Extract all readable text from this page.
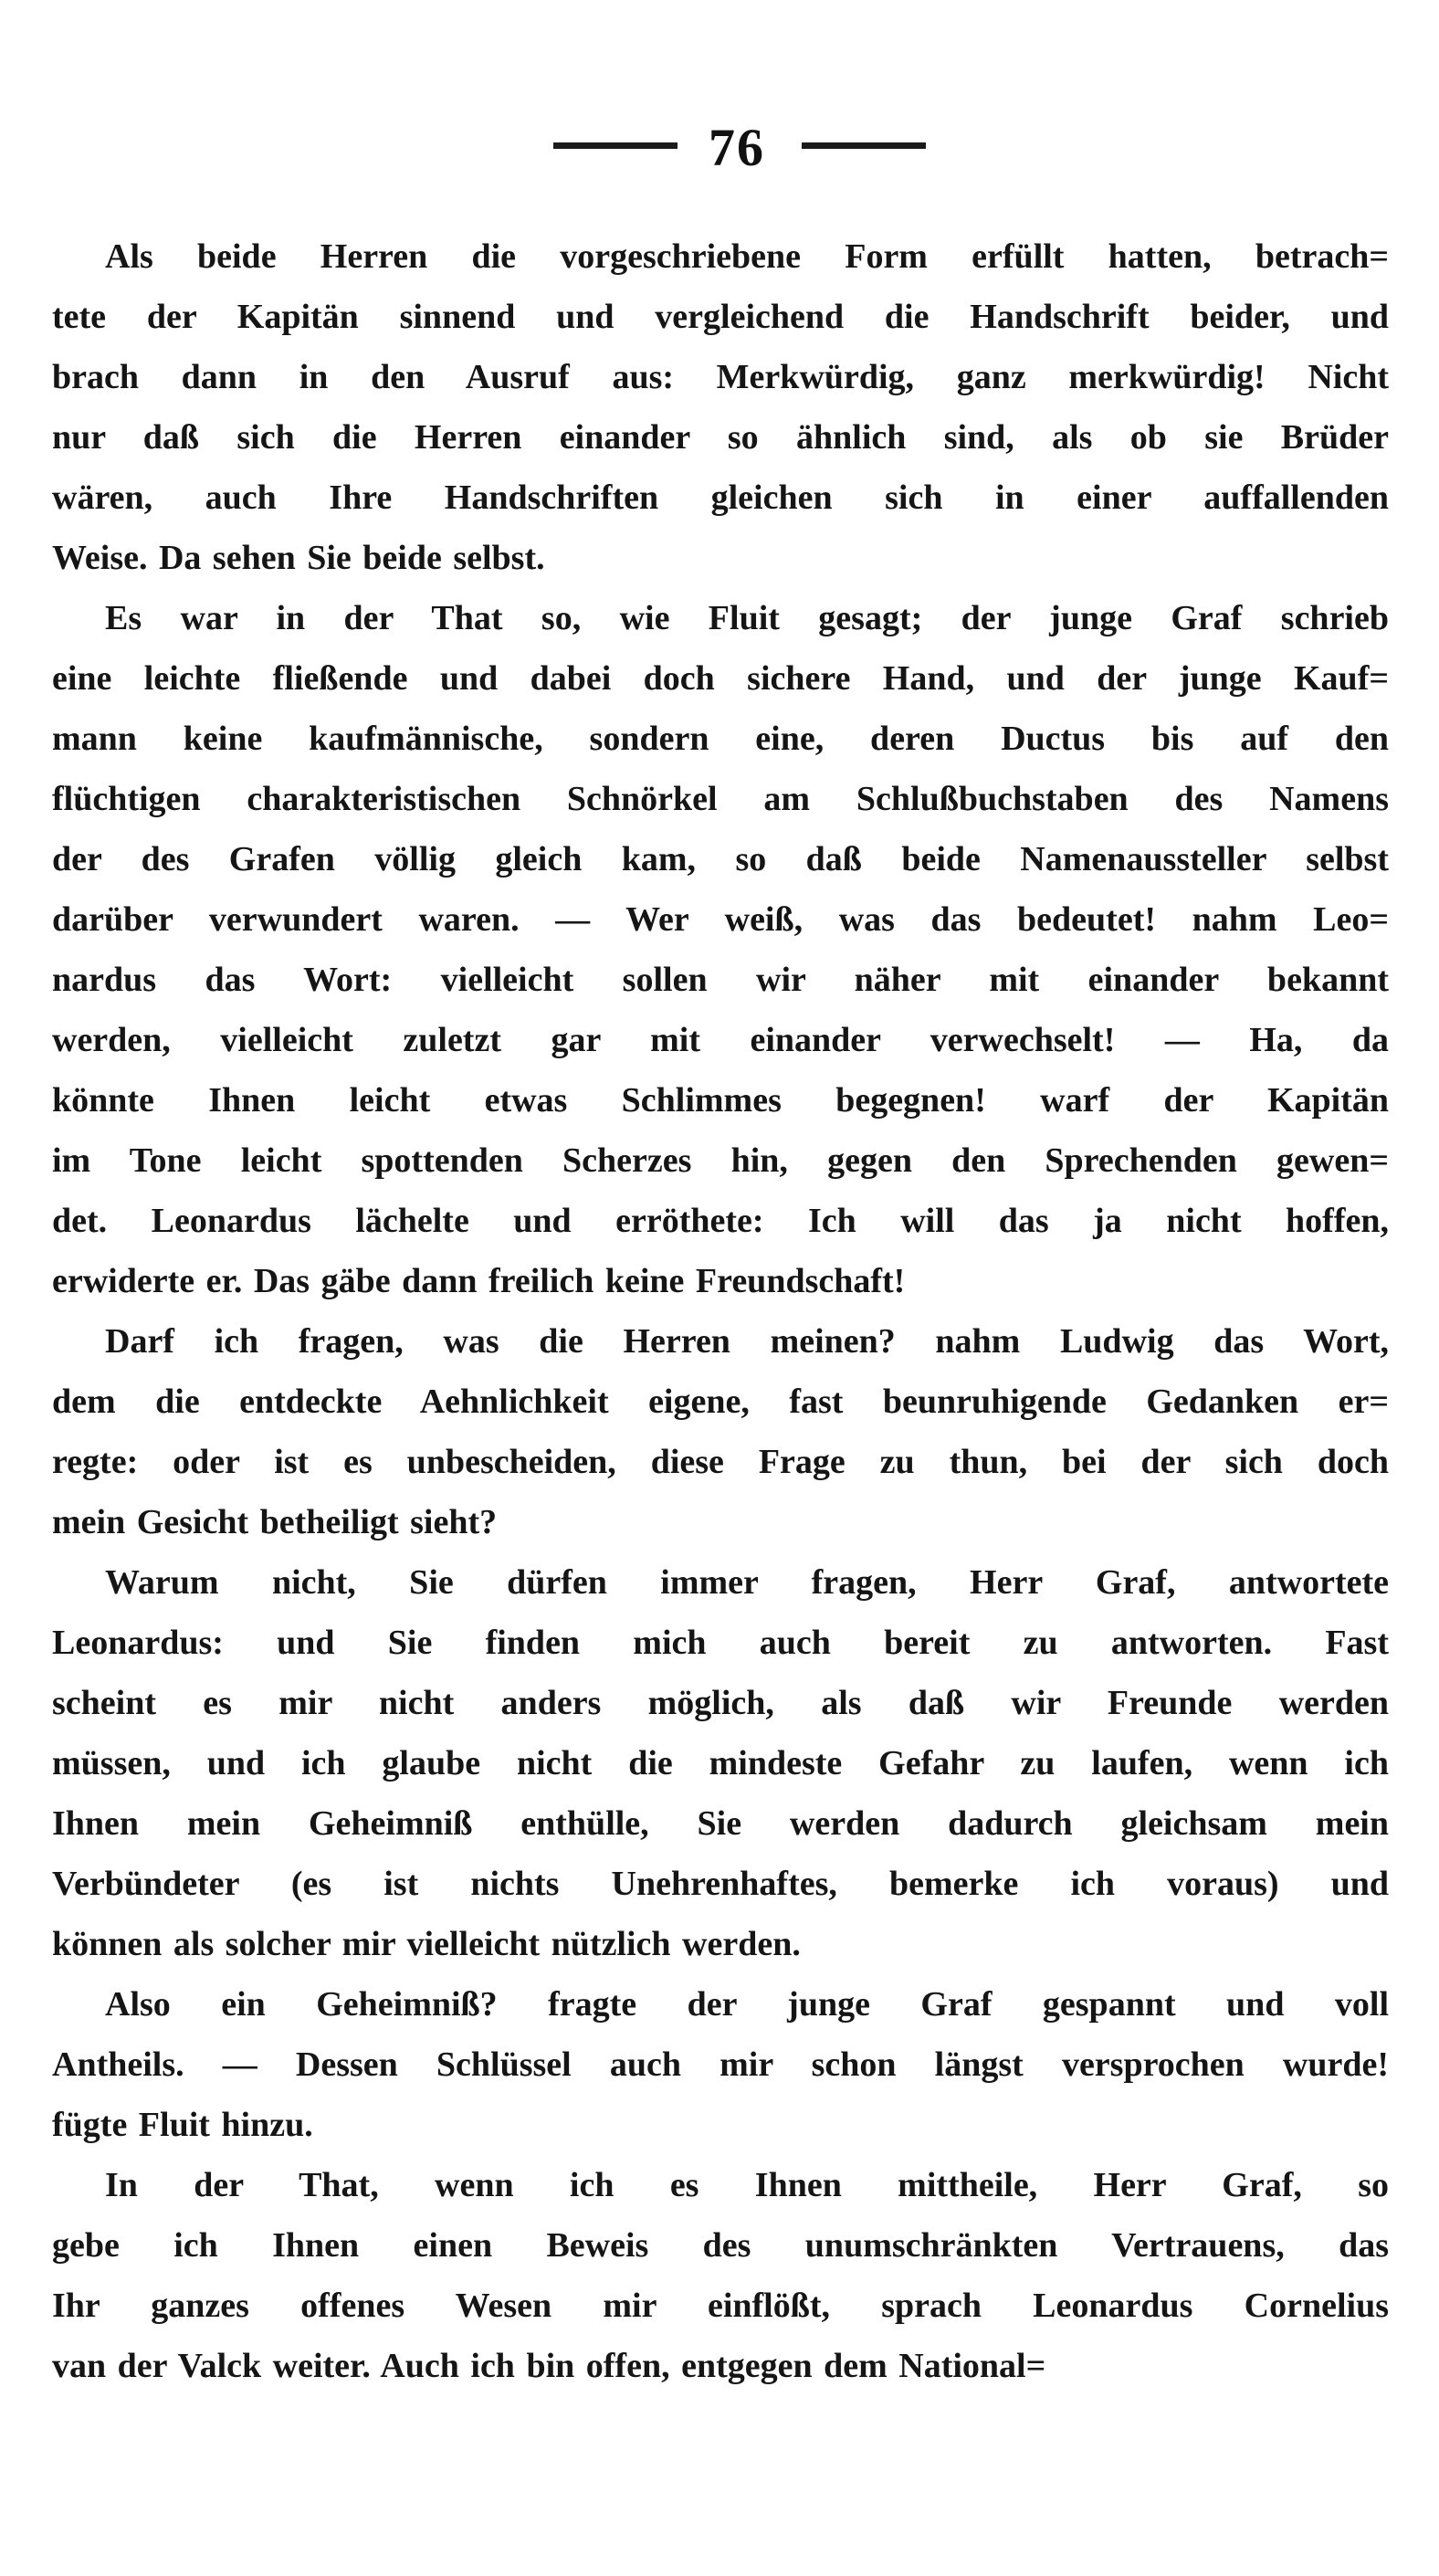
76
Als beide Herren die vorgeschriebene Form erfüllt hatten, betrach=
tete der Kapitän sinnend und vergleichend die Handschrift beider, und
brach dann in den Ausruf aus: Merkwürdig, ganz merkwürdig! Nicht
nur daß sich die Herren einander so ähnlich sind, als ob sie Brüder
wären, auch Ihre Handschriften gleichen sich in einer auffallenden
Weise. Da sehen Sie beide selbst.
Es war in der That so, wie Fluit gesagt; der junge Graf schrieb
eine leichte fließende und dabei doch sichere Hand, und der junge Kauf=
mann keine kaufmännische, sondern eine, deren Ductus bis auf den
flüchtigen charakteristischen Schnörkel am Schlußbuchstaben des Namens
der des Grafen völlig gleich kam, so daß beide Namenaussteller selbst
darüber verwundert waren. — Wer weiß, was das bedeutet! nahm Leo=
nardus das Wort: vielleicht sollen wir näher mit einander bekannt
werden, vielleicht zuletzt gar mit einander verwechselt! — Ha, da
könnte Ihnen leicht etwas Schlimmes begegnen! warf der Kapitän
im Tone leicht spottenden Scherzes hin, gegen den Sprechenden gewen=
det. Leonardus lächelte und erröthete: Ich will das ja nicht hoffen,
erwiderte er. Das gäbe dann freilich keine Freundschaft!
Darf ich fragen, was die Herren meinen? nahm Ludwig das Wort,
dem die entdeckte Aehnlichkeit eigene, fast beunruhigende Gedanken er=
regte: oder ist es unbescheiden, diese Frage zu thun, bei der sich doch
mein Gesicht betheiligt sieht?
Warum nicht, Sie dürfen immer fragen, Herr Graf, antwortete
Leonardus: und Sie finden mich auch bereit zu antworten. Fast
scheint es mir nicht anders möglich, als daß wir Freunde werden
müssen, und ich glaube nicht die mindeste Gefahr zu laufen, wenn ich
Ihnen mein Geheimniß enthülle, Sie werden dadurch gleichsam mein
Verbündeter (es ist nichts Unehrenhaftes, bemerke ich voraus) und
können als solcher mir vielleicht nützlich werden.
Also ein Geheimniß? fragte der junge Graf gespannt und voll
Antheils. — Dessen Schlüssel auch mir schon längst versprochen wurde!
fügte Fluit hinzu.
In der That, wenn ich es Ihnen mittheile, Herr Graf, so
gebe ich Ihnen einen Beweis des unumschränkten Vertrauens, das
Ihr ganzes offenes Wesen mir einflößt, sprach Leonardus Cornelius
van der Valck weiter. Auch ich bin offen, entgegen dem National=
